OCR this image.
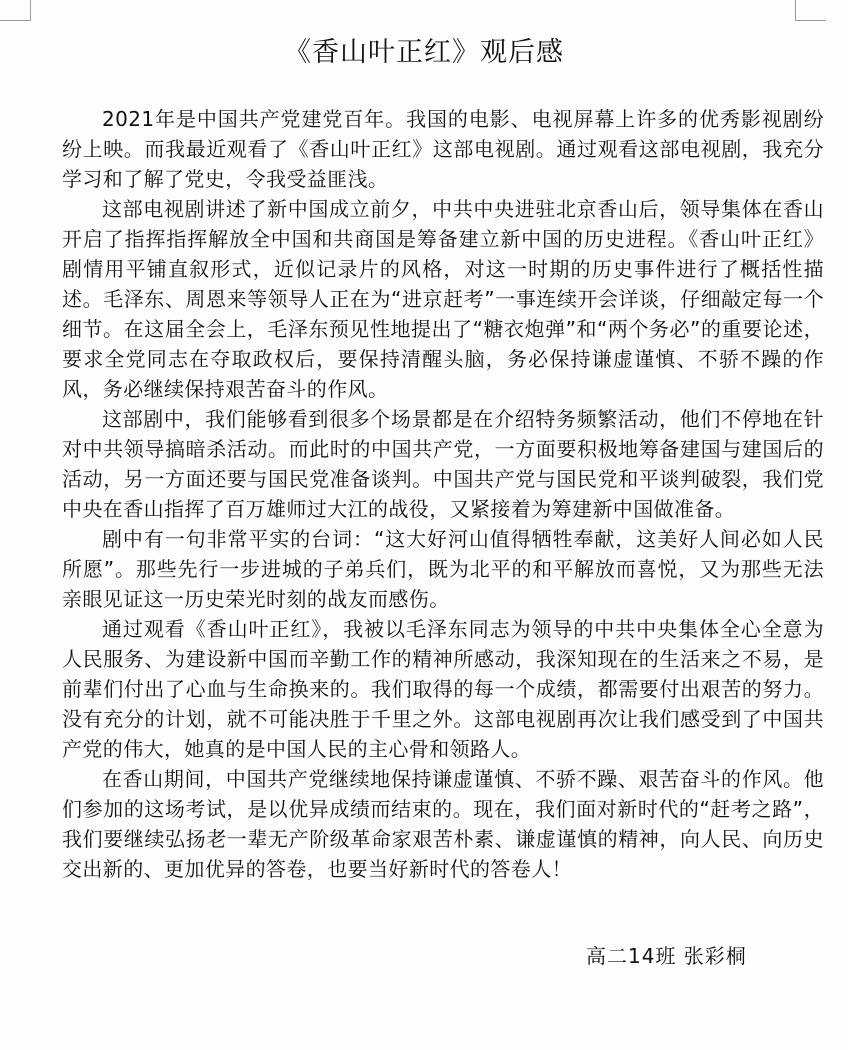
《香山叶正红》观后感

2021年是中国共产党建党百年。我国的电影、电视屏幕上许多的优秀影视剧纷纷上映。而我最近观看了《香山叶正红》这部电视剧。通过观看这部电视剧，我充分学习和了解了党史，令我受益匪浅。

这部电视剧讲述了新中国成立前夕，中共中央进驻北京香山后，领导集体在香山开启了指挥指挥解放全中国和共商国是筹备建立新中国的历史进程。《香山叶正红》剧情用平铺直叙形式，近似记录片的风格，对这一时期的历史事件进行了概括性描述。毛泽东、周恩来等领导人正在为“进京赶考”一事连续开会详谈，仔细敲定每一个细节。在这届全会上，毛泽东预见性地提出了“糖衣炮弹”和“两个务必”的重要论述，要求全党同志在夺取政权后，要保持清醒头脑，务必保持谦虚谨慎、不骄不躁的作风，务必继续保持艰苦奋斗的作风。

这部剧中，我们能够看到很多个场景都是在介绍特务频繁活动，他们不停地在针对中共领导搞暗杀活动。而此时的中国共产党，一方面要积极地筹备建国与建国后的活动，另一方面还要与国民党准备谈判。中国共产党与国民党和平谈判破裂，我们党中央在香山指挥了百万雄师过大江的战役，又紧接着为筹建新中国做准备。

剧中有一句非常平实的台词：“这大好河山值得牺牲奉献，这美好人间必如人民所愿”。那些先行一步进城的子弟兵们，既为北平的和平解放而喜悦，又为那些无法亲眼见证这一历史荣光时刻的战友而感伤。

通过观看《香山叶正红》，我被以毛泽东同志为领导的中共中央集体全心全意为人民服务、为建设新中国而辛勤工作的精神所感动，我深知现在的生活来之不易，是前辈们付出了心血与生命换来的。我们取得的每一个成绩，都需要付出艰苦的努力。没有充分的计划，就不可能决胜于千里之外。这部电视剧再次让我们感受到了中国共产党的伟大，她真的是中国人民的主心骨和领路人。

在香山期间，中国共产党继续地保持谦虚谨慎、不骄不躁、艰苦奋斗的作风。他们参加的这场考试，是以优异成绩而结束的。现在，我们面对新时代的“赶考之路”，我们要继续弘扬老一辈无产阶级革命家艰苦朴素、谦虚谨慎的精神，向人民、向历史交出新的、更加优异的答卷，也要当好新时代的答卷人！

高二14班 张彩桐
